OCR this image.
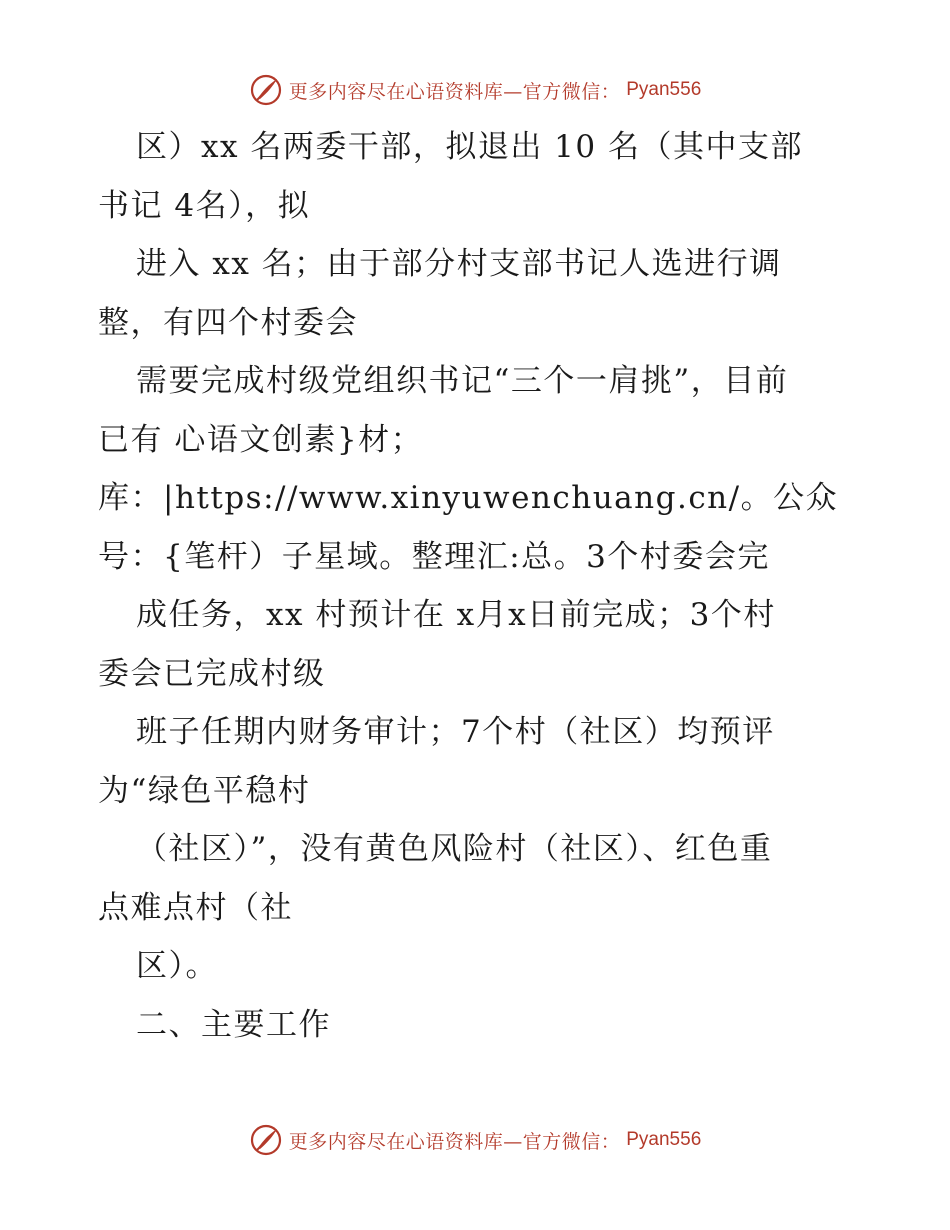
更多内容尽在心语资料库—官方微信： Pyan556
区）xx 名两委干部，拟退出 10 名（其中支部
书记 4名），拟
进入 xx 名；由于部分村支部书记人选进行调
整，有四个村委会
需要完成村级党组织书记“三个一肩挑”，目前
已有 心语文创素}材；
库：|https://www.xinyuwenchuang.cn/。公众
号：{笔杆）子星域。整理汇:总。3个村委会完
成任务，xx 村预计在 x月x日前完成；3个村
委会已完成村级
班子任期内财务审计；7个村（社区）均预评
为“绿色平稳村
（社区）”，没有黄色风险村（社区）、红色重
点难点村（社
区）。
二、主要工作
更多内容尽在心语资料库—官方微信： Pyan556
